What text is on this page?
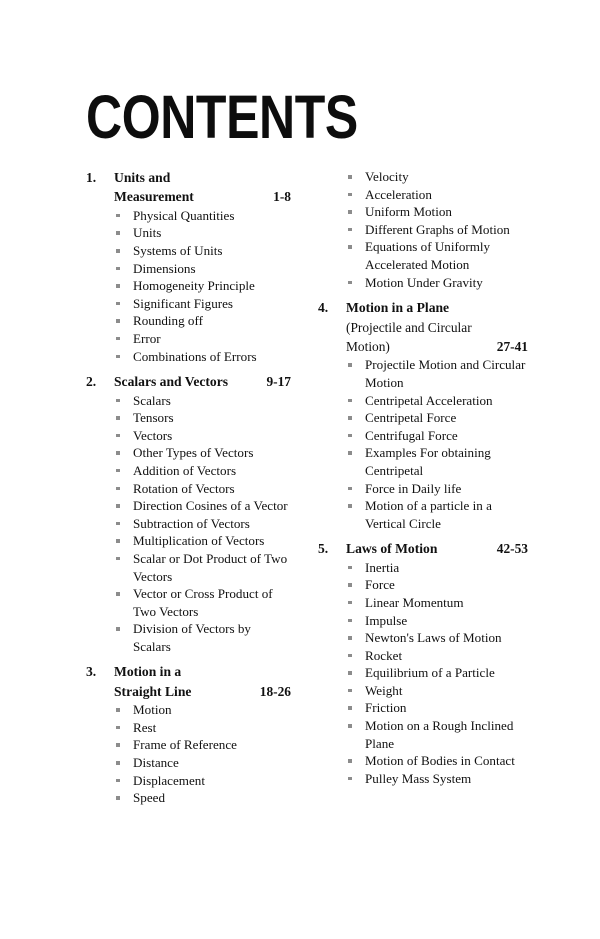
CONTENTS
1. Units and
Measurement	1-8
Physical Quantities
Units
Systems of Units
Dimensions
Homogeneity Principle
Significant Figures
Rounding off
Error
Combinations of Errors
2. Scalars and Vectors	9-17
Scalars
Tensors
Vectors
Other Types of Vectors
Addition of Vectors
Rotation of Vectors
Direction Cosines of a Vector
Subtraction of Vectors
Multiplication of Vectors
Scalar or Dot Product of Two Vectors
Vector or Cross Product of Two Vectors
Division of Vectors by Scalars
3. Motion in a
Straight Line	18-26
Motion
Rest
Frame of Reference
Distance
Displacement
Speed
Velocity
Acceleration
Uniform Motion
Different Graphs of Motion
Equations of Uniformly Accelerated Motion
Motion Under Gravity
4. Motion in a Plane
(Projectile and Circular
Motion)	27-41
Projectile Motion and Circular Motion
Centripetal Acceleration
Centripetal Force
Centrifugal Force
Examples For obtaining Centripetal
Force in Daily life
Motion of a particle in a Vertical Circle
5. Laws of Motion	42-53
Inertia
Force
Linear Momentum
Impulse
Newton's Laws of Motion
Rocket
Equilibrium of a Particle
Weight
Friction
Motion on a Rough Inclined Plane
Motion of Bodies in Contact
Pulley Mass System
